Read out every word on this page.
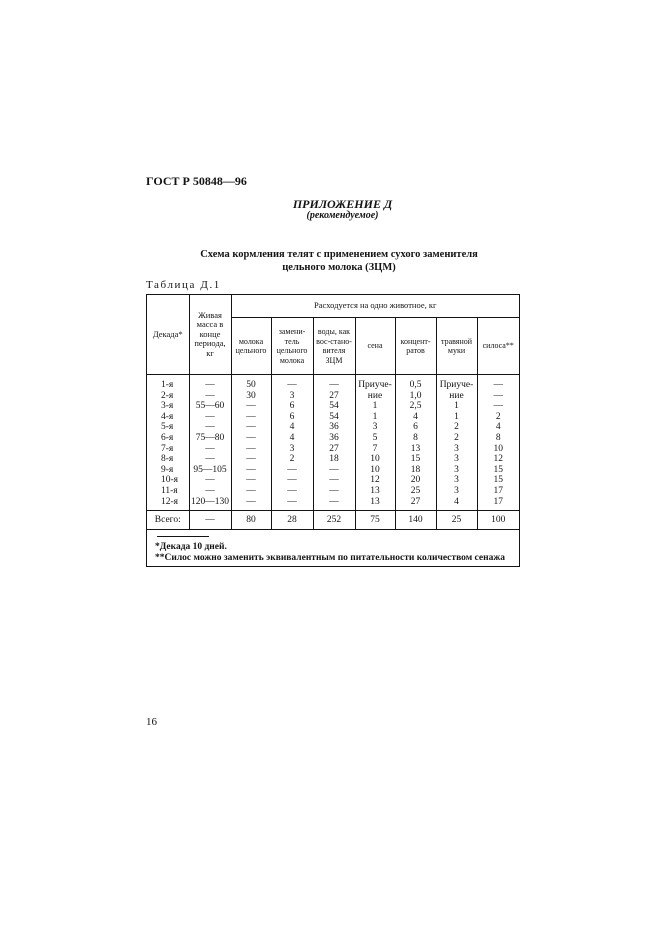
ГОСТ Р 50848—96
ПРИЛОЖЕНИЕ Д
(рекомендуемое)
Схема кормления телят с применением сухого заменителя
цельного молока (ЗЦМ)
Таблица Д.1
Декада*	Живая масса в конце периода, кг	Расходуется на одно животное, кг						
		молока цельного	замени-тель цельного молока	воды, как вос-стано-вителя ЗЦМ	сена	концент-ратов	травяной муки	силоса**
1-я	—	50	—	—	Приуче-	0,5	Приуче-	—
2-я	—	30	3	27	ние	1,0	ние	—
3-я	55—60	—	6	54	1	2,5	1	—
4-я	—	—	6	54	1	4	1	2
5-я	—	—	4	36	3	6	2	4
6-я	75—80	—	4	36	5	8	2	8
7-я	—	—	3	27	7	13	3	10
8-я	—	—	2	18	10	15	3	12
9-я	95—105	—	—	—	10	18	3	15
10-я	—	—	—	—	12	20	3	15
11-я	—	—	—	—	13	25	3	17
12-я	120—130	—	—	—	13	27	4	17
Всего:	—	80	28	252	75	140	25	100
*Декада 10 дней.
**Силос можно заменить эквивалентным по питательности количеством сенажа
16
